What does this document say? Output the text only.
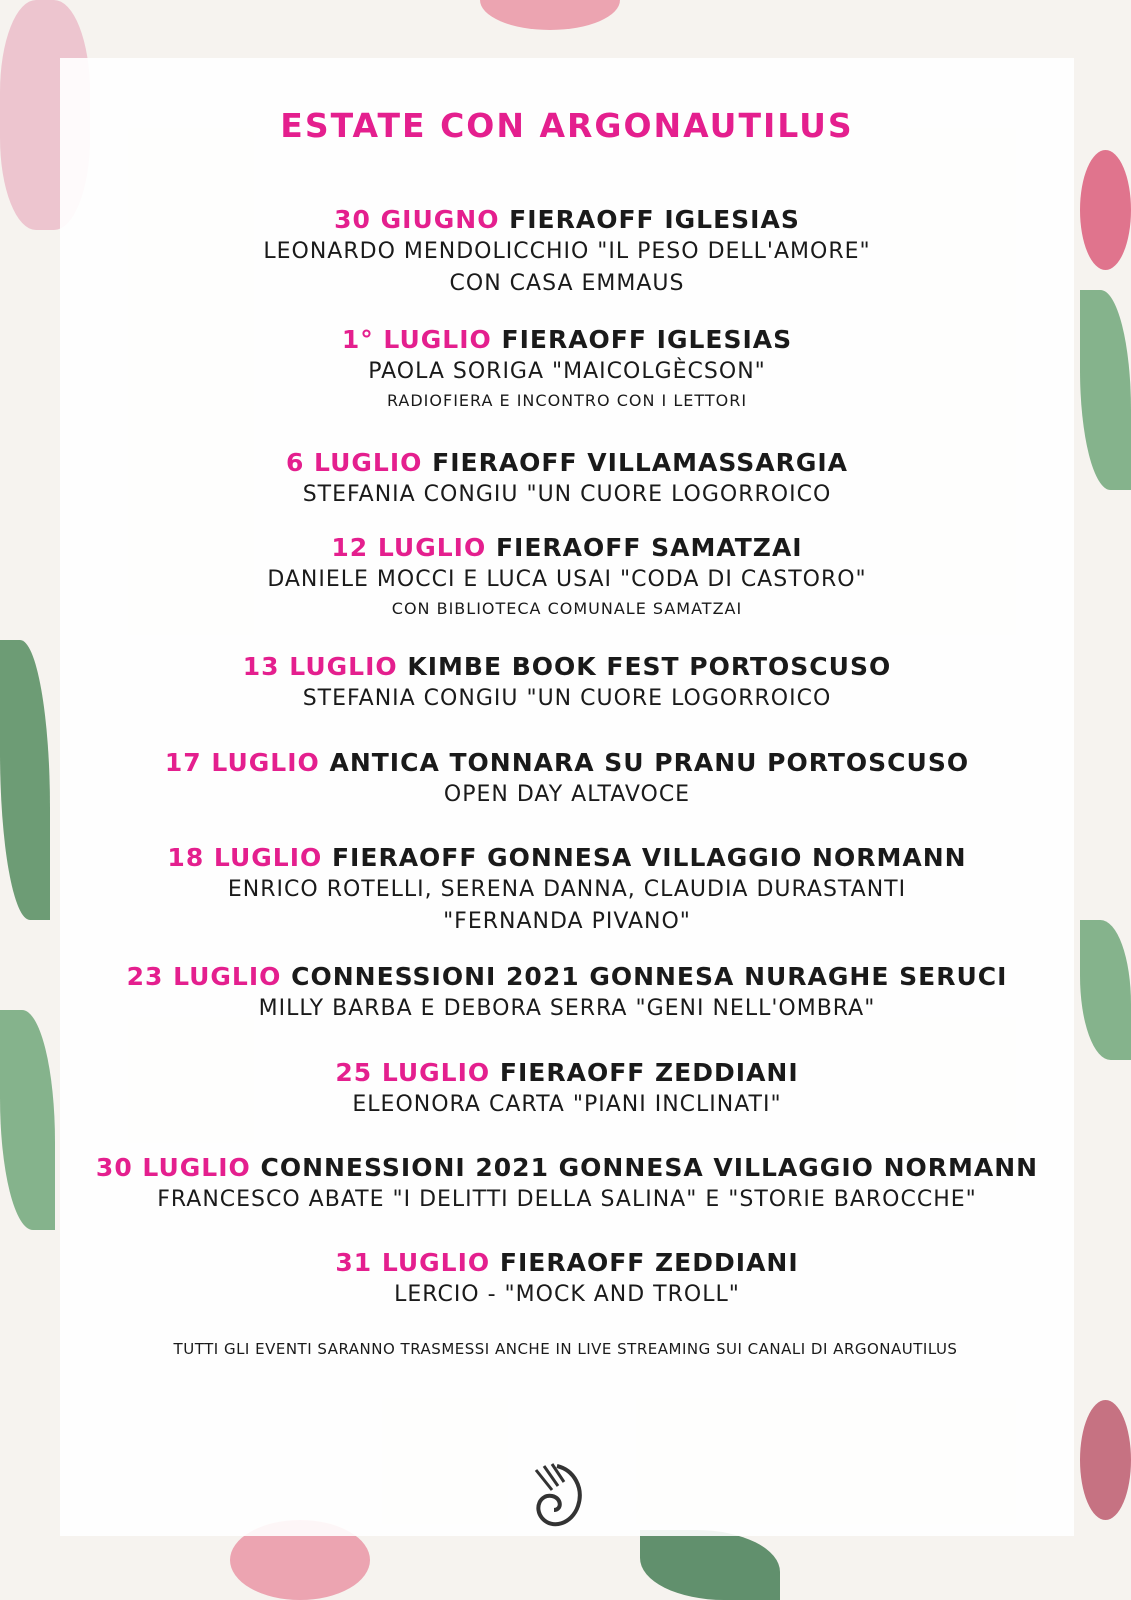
ESTATE CON ARGONAUTILUS
30 GIUGNO FIERAOFF IGLESIAS
LEONARDO MENDOLICCHIO "IL PESO DELL'AMORE"
CON CASA EMMAUS
1° LUGLIO FIERAOFF IGLESIAS
PAOLA SORIGA "MAICOLGÈCSON"
RADIOFIERA E INCONTRO CON I LETTORI
6 LUGLIO FIERAOFF VILLAMASSARGIA
STEFANIA CONGIU "UN CUORE LOGORROICO
12 LUGLIO FIERAOFF SAMATZAI
DANIELE MOCCI E LUCA USAI "CODA DI CASTORO"
CON BIBLIOTECA COMUNALE SAMATZAI
13 LUGLIO KIMBE BOOK FEST PORTOSCUSO
STEFANIA CONGIU "UN CUORE LOGORROICO
17 LUGLIO ANTICA TONNARA SU PRANU PORTOSCUSO
OPEN DAY ALTAVOCE
18 LUGLIO FIERAOFF GONNESA VILLAGGIO NORMANN
ENRICO ROTELLI, SERENA DANNA, CLAUDIA DURASTANTI
"FERNANDA PIVANO"
23 LUGLIO CONNESSIONI 2021 GONNESA NURAGHE SERUCI
MILLY BARBA E DEBORA SERRA "GENI NELL'OMBRA"
25 LUGLIO FIERAOFF ZEDDIANI
ELEONORA CARTA "PIANI INCLINATI"
30 LUGLIO CONNESSIONI 2021 GONNESA VILLAGGIO NORMANN
FRANCESCO ABATE "I DELITTI DELLA SALINA" E "STORIE BAROCCHE"
31 LUGLIO FIERAOFF ZEDDIANI
LERCIO - "MOCK AND TROLL"
TUTTI GLI EVENTI SARANNO TRASMESSI ANCHE IN LIVE STREAMING SUI CANALI DI ARGONAUTILUS
